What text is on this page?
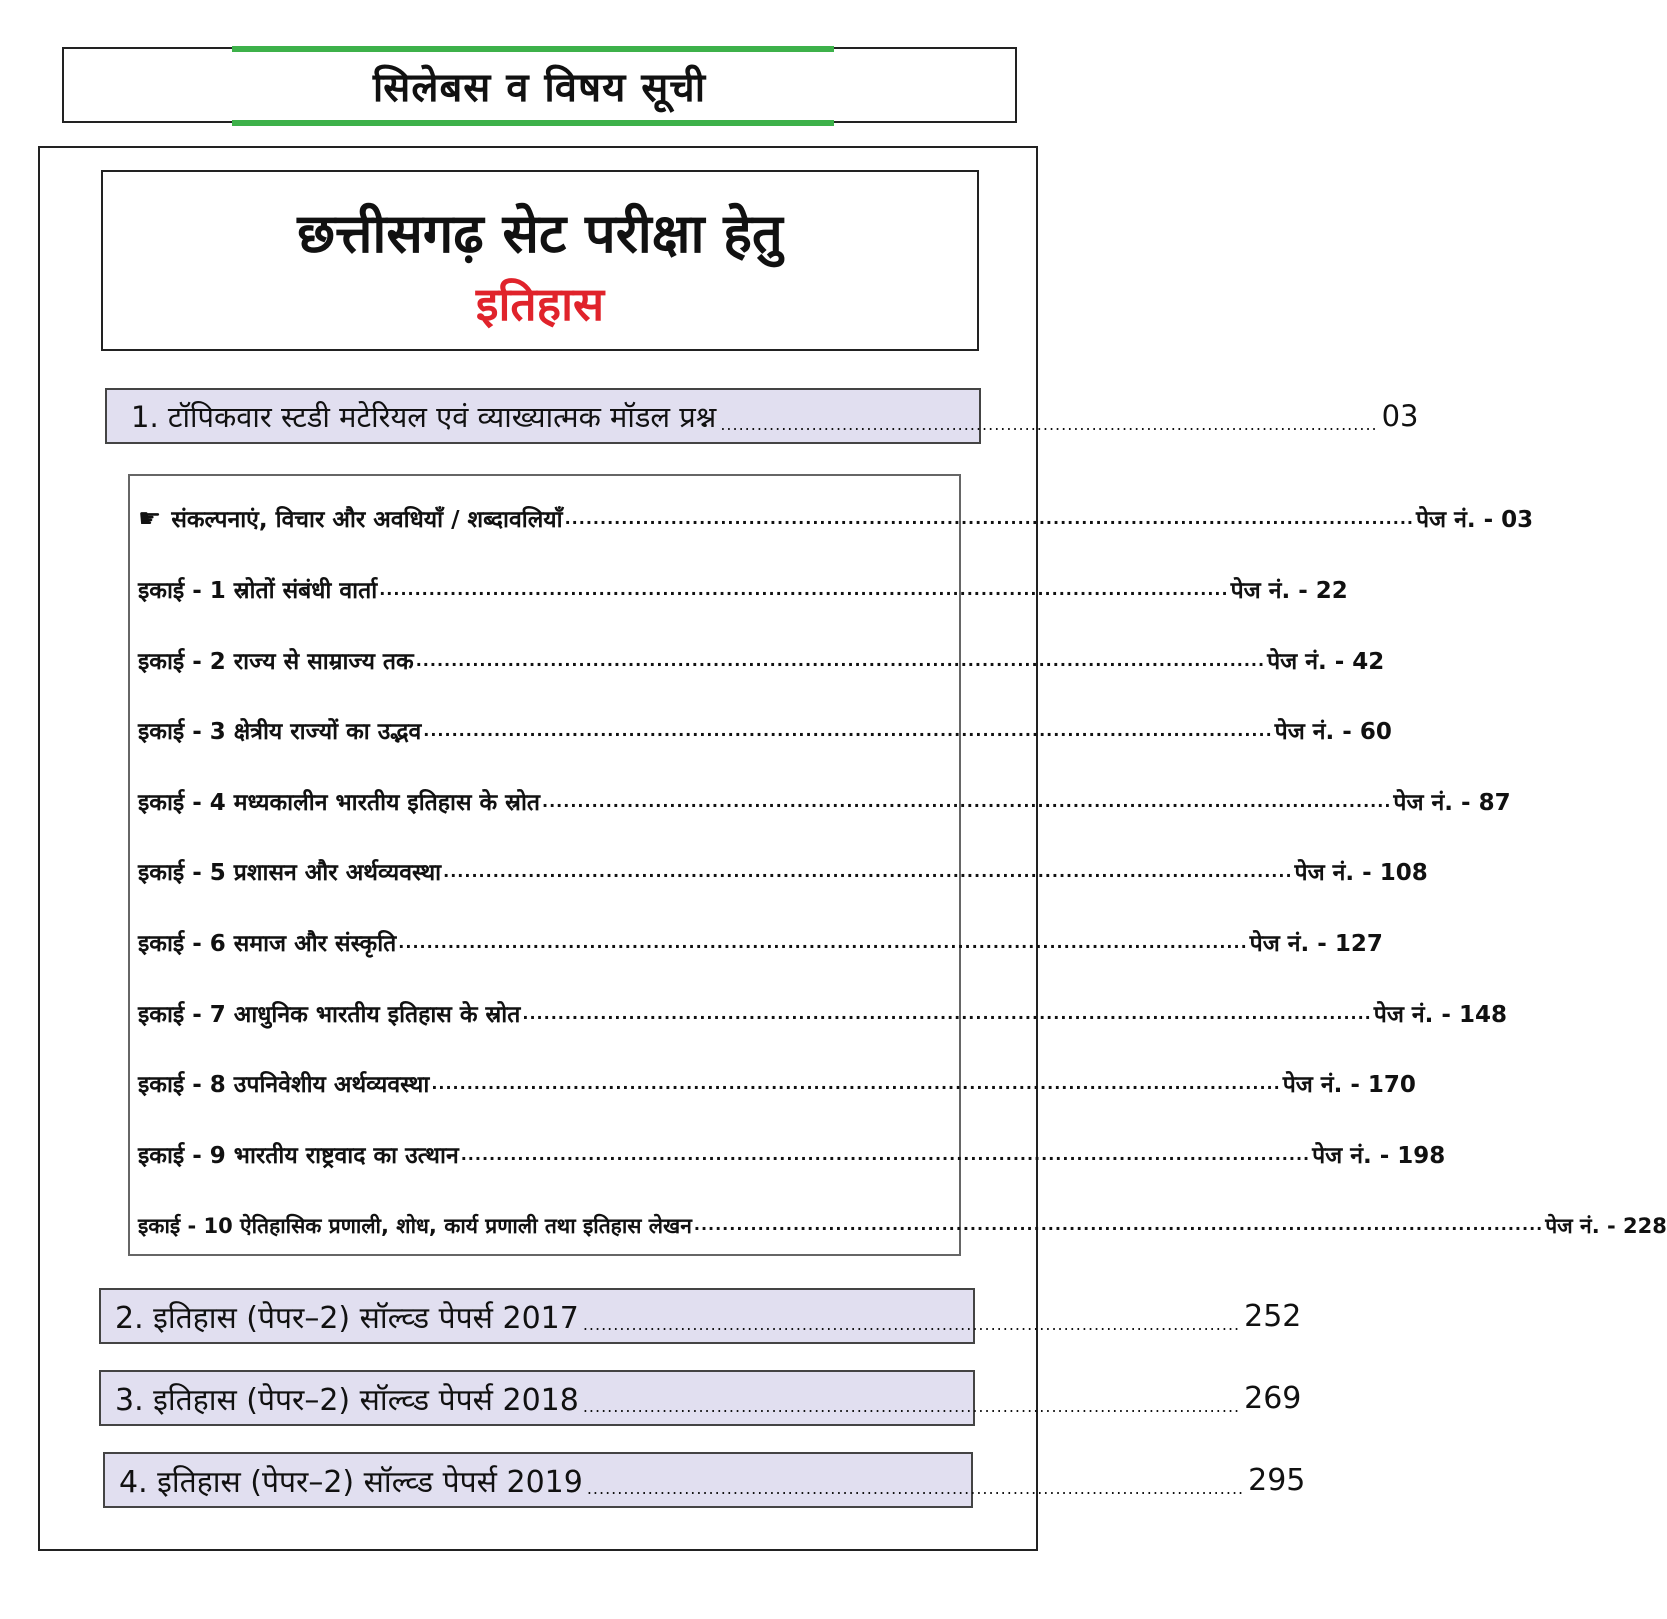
सिलेबस व विषय सूची
छत्तीसगढ़ सेट परीक्षा हेतु
इतिहास
1. टॉपिकवार स्टडी मटेरियल एवं व्याख्यात्मक मॉडल प्रश्न ............................................................................................................ 03
☛ संकल्पनाएं, विचार और अवधियाँ / शब्दावलियाँ ........................................................................................................................ पेज नं. - 03
इकाई - 1 स्रोतों संबंधी वार्ता ........................................................................................................................ पेज नं. - 22
इकाई - 2 राज्य से साम्राज्य तक ........................................................................................................................ पेज नं. - 42
इकाई - 3 क्षेत्रीय राज्यों का उद्भव ........................................................................................................................ पेज नं. - 60
इकाई - 4 मध्यकालीन भारतीय इतिहास के स्रोत ........................................................................................................................ पेज नं. - 87
इकाई - 5 प्रशासन और अर्थव्यवस्था ........................................................................................................................ पेज नं. - 108
इकाई - 6 समाज और संस्कृति ........................................................................................................................ पेज नं. - 127
इकाई - 7 आधुनिक भारतीय इतिहास के स्रोत ........................................................................................................................ पेज नं. - 148
इकाई - 8 उपनिवेशीय अर्थव्यवस्था ........................................................................................................................ पेज नं. - 170
इकाई - 9 भारतीय राष्ट्रवाद का उत्थान ........................................................................................................................ पेज नं. - 198
इकाई - 10 ऐतिहासिक प्रणाली, शोध, कार्य प्रणाली तथा इतिहास लेखन ........................................................................................................................ पेज नं. - 228
2. इतिहास (पेपर–2) सॉल्व्ड पेपर्स 2017 ............................................................................................................ 252
3. इतिहास (पेपर–2) सॉल्व्ड पेपर्स 2018 ............................................................................................................ 269
4. इतिहास (पेपर–2) सॉल्व्ड पेपर्स 2019 ............................................................................................................ 295
